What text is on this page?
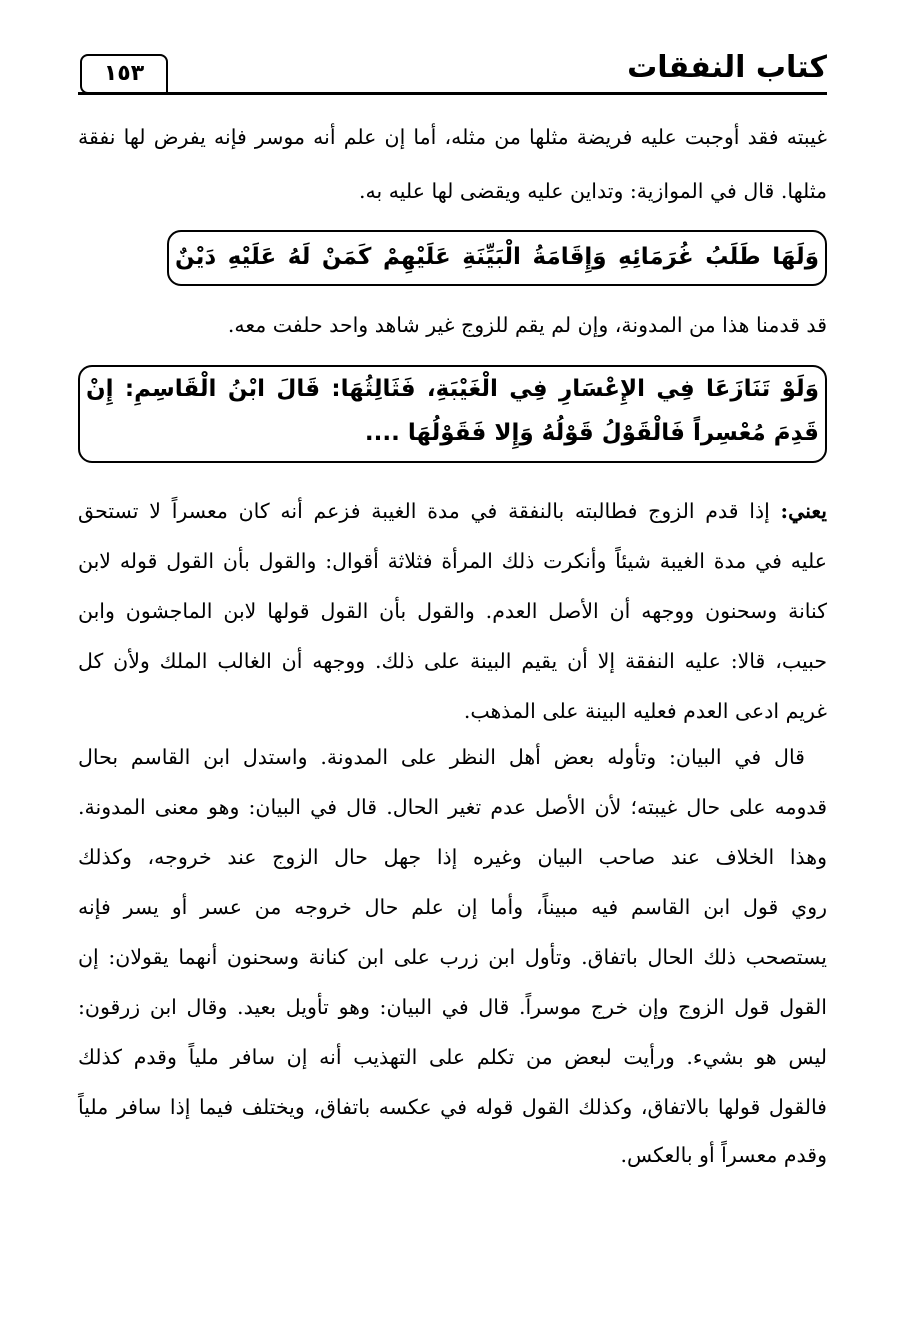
كتاب النفقات
١٥٣
غيبته فقد أوجبت عليه فريضة مثلها من مثله، أما إن علم أنه موسر فإنه يفرض لها نفقة
مثلها. قال في الموازية: وتداين عليه ويقضى لها عليه به.
وَلَهَا طَلَبُ غُرَمَائِهِ وَإِقَامَةُ الْبَيِّنَةِ عَلَيْهِمْ كَمَنْ لَهُ عَلَيْهِ دَيْنٌ
قد قدمنا هذا من المدونة، وإن لم يقم للزوج غير شاهد واحد حلفت معه.
وَلَوْ تَنَازَعَا فِي الإِعْسَارِ فِي الْغَيْبَةِ، فَثَالِثُهَا: قَالَ ابْنُ الْقَاسِمِ: إِنْ
قَدِمَ مُعْسِراً فَالْقَوْلُ قَوْلُهُ وَإِلا فَقَوْلُهَا ....
يعني: إذا قدم الزوج فطالبته بالنفقة في مدة الغيبة فزعم أنه كان معسراً لا تستحق
عليه في مدة الغيبة شيئاً وأنكرت ذلك المرأة فثلاثة أقوال: والقول بأن القول قوله لابن
كنانة وسحنون ووجهه أن الأصل العدم. والقول بأن القول قولها لابن الماجشون وابن
حبيب، قالا: عليه النفقة إلا أن يقيم البينة على ذلك. ووجهه أن الغالب الملك ولأن كل
غريم ادعى العدم فعليه البينة على المذهب.
قال في البيان: وتأوله بعض أهل النظر على المدونة. واستدل ابن القاسم بحال
قدومه على حال غيبته؛ لأن الأصل عدم تغير الحال. قال في البيان: وهو معنى المدونة.
وهذا الخلاف عند صاحب البيان وغيره إذا جهل حال الزوج عند خروجه، وكذلك
روي قول ابن القاسم فيه مبيناً، وأما إن علم حال خروجه من عسر أو يسر فإنه
يستصحب ذلك الحال باتفاق. وتأول ابن زرب على ابن كنانة وسحنون أنهما يقولان: إن
القول قول الزوج وإن خرج موسراً. قال في البيان: وهو تأويل بعيد. وقال ابن زرقون:
ليس هو بشيء. ورأيت لبعض من تكلم على التهذيب أنه إن سافر ملياً وقدم كذلك
فالقول قولها بالاتفاق، وكذلك القول قوله في عكسه باتفاق، ويختلف فيما إذا سافر ملياً
وقدم معسراً أو بالعكس.
